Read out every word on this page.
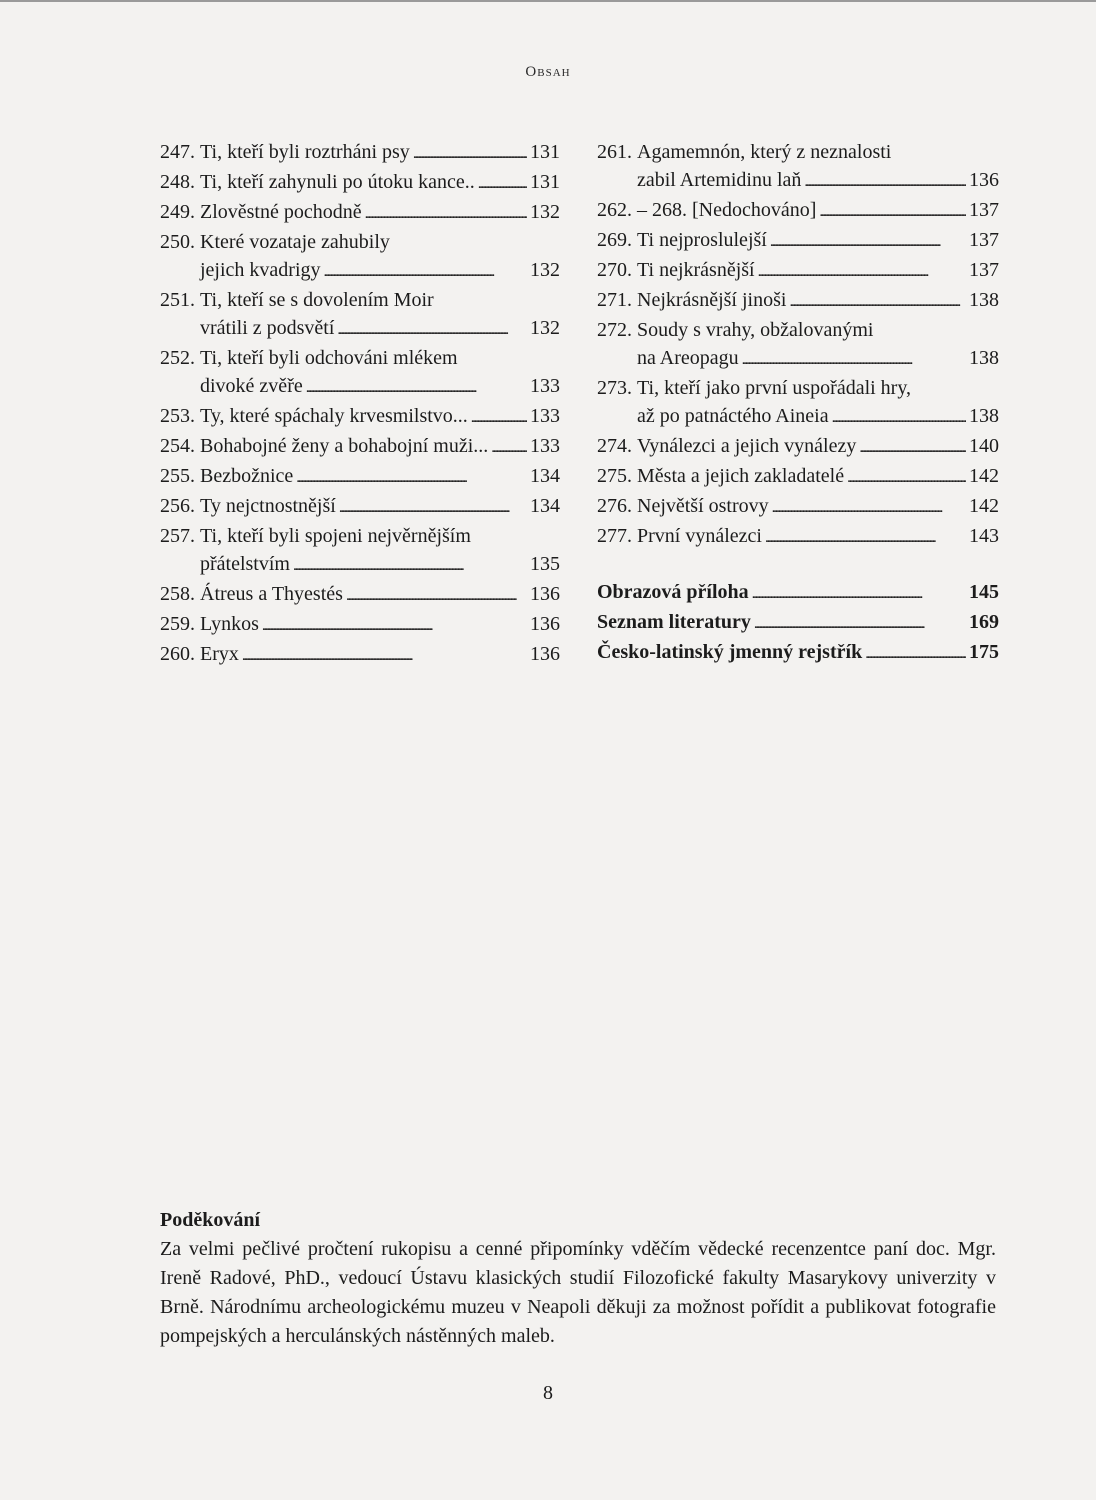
Obsah
247. Ti, kteří byli roztrháni psy . . .	131
248. Ti, kteří zahynuli po útoku kance.. . . .	131
249. Zlověstné pochodně . . .	132
250. Které vozataje zahubily
jejich kvadrigy . . .	132
251. Ti, kteří se s dovolením Moir
vrátili z podsvětí . . .	132
252. Ti, kteří byli odchováni mlékem
divoké zvěře . . .	133
253. Ty, které spáchaly krvesmilstvo... . . .	133
254. Bohabojné ženy a bohabojní muži... . . . 133
255. Bezbožnice . . .	134
256. Ty nejctnostnější . . .	134
257. Ti, kteří byli spojeni nejvěrnějším
přátelstvím . . .	135
258. Átreus a Thyestés . . .	136
259. Lynkos . . .	136
260. Eryx . . .	136
261. Agamemnón, který z neznalosti
zabil Artemidinu laň . . .	136
262. – 268. [Nedochováno] . . .	137
269. Ti nejproslulejší . . .	137
270. Ti nejkrásnější . . .	137
271. Nejkrásnější jinoši . . .	138
272. Soudy s vrahy, obžalovanými
na Areopagu . . .	138
273. Ti, kteří jako první uspořádali hry,
až po patnáctého Aineia . . .	138
274. Vynálezci a jejich vynálezy . . .	140
275. Města a jejich zakladatelé . . .	142
276. Největší ostrovy . . .	142
277. První vynálezci . . .	143
Obrazová příloha . . .	145
Seznam literatury . . .	169
Česko-latinský jmenný rejstřík . . .	175

Poděkování

Za velmi pečlivé pročtení rukopisu a cenné připomínky vděčím vědecké recenzentce paní doc. Mgr. Ireně Radové, PhD., vedoucí Ústavu klasických studií Filozofické fakulty Masarykovy univerzity v Brně. Národnímu archeologickému muzeu v Neapoli děkuji za možnost pořídit a publikovat fotografie pompejských a herculánských nástěnných maleb.

8
